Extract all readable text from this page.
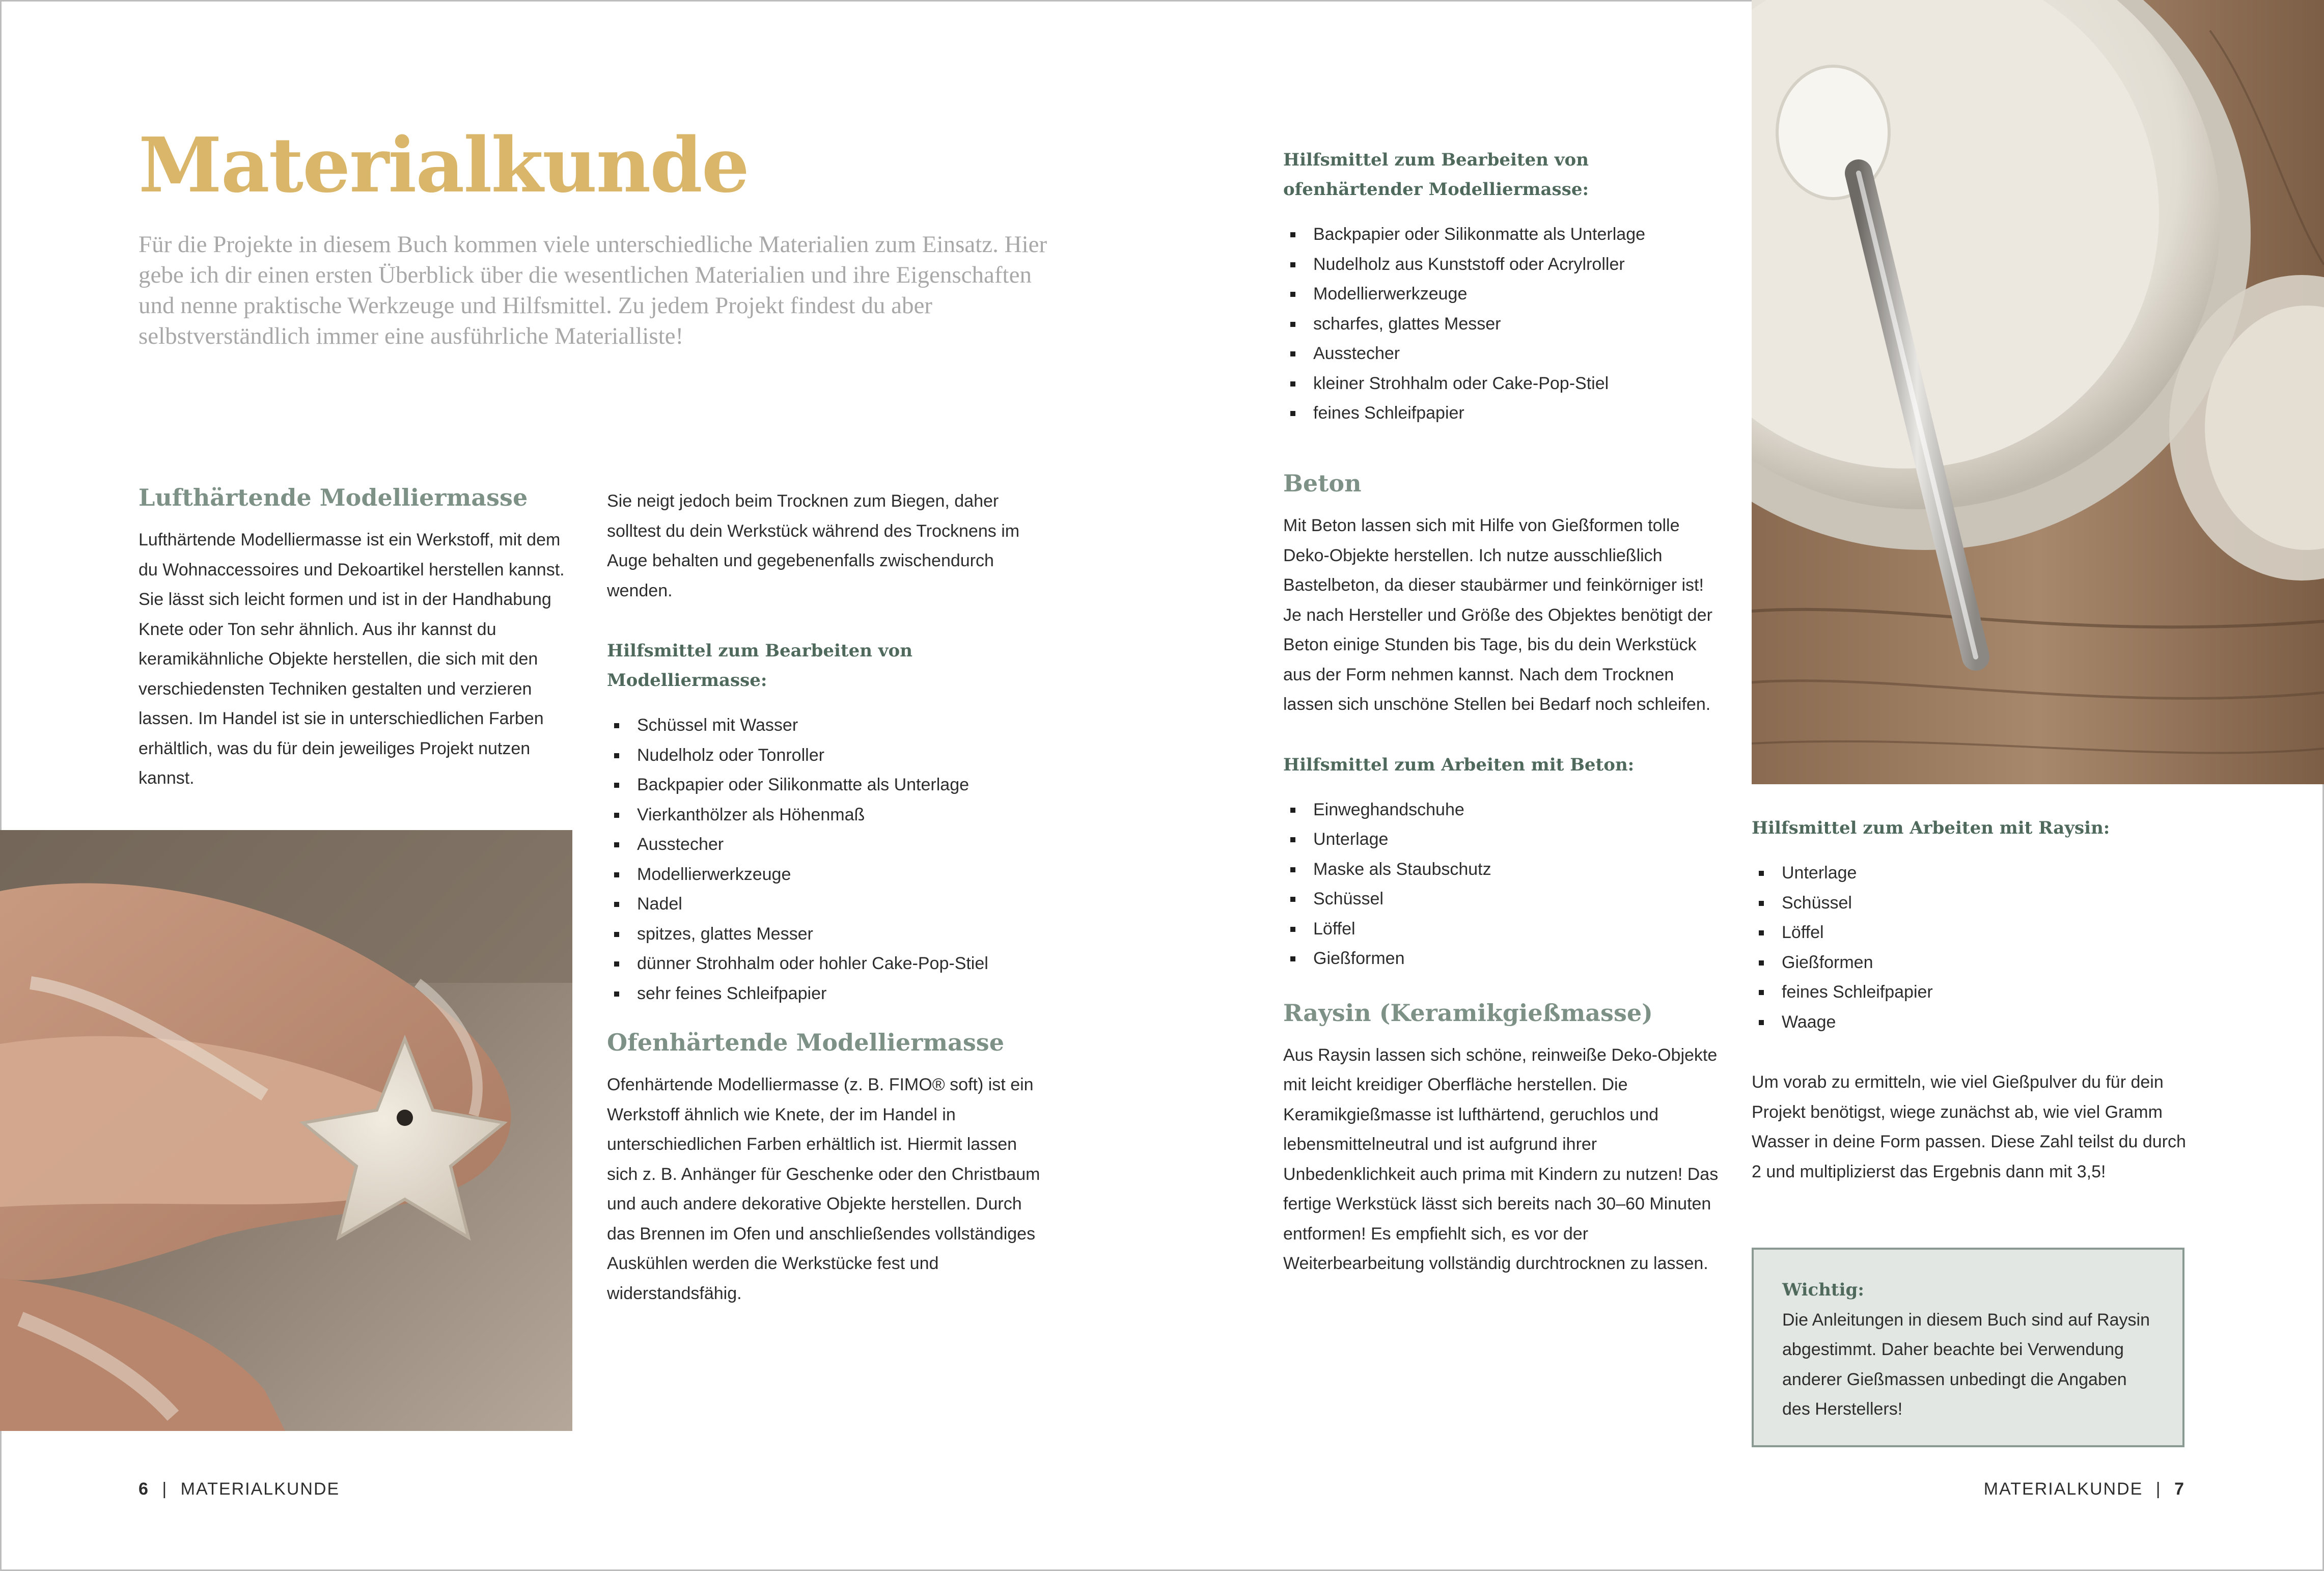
Materialkunde

Für die Projekte in diesem Buch kommen viele unterschiedliche Materialien zum Einsatz. Hier gebe ich dir einen ersten Überblick über die wesentlichen Materialien und ihre Eigenschaften und nenne praktische Werkzeuge und Hilfsmittel. Zu jedem Projekt findest du aber selbstverständlich immer eine ausführliche Materialliste!

Lufthärtende Modelliermasse

Lufthärtende Modelliermasse ist ein Werkstoff, mit dem du Wohnaccessoires und Dekoartikel herstellen kannst. Sie lässt sich leicht formen und ist in der Handhabung Knete oder Ton sehr ähnlich. Aus ihr kannst du keramikähnliche Objekte herstellen, die sich mit den verschiedensten Techniken gestalten und verzieren lassen. Im Handel ist sie in unterschiedlichen Farben erhältlich, was du für dein jeweiliges Projekt nutzen kannst.

Sie neigt jedoch beim Trocknen zum Biegen, daher solltest du dein Werkstück während des Trocknens im Auge behalten und gegebenenfalls zwischendurch wenden.

Hilfsmittel zum Bearbeiten von Modelliermasse:
Schüssel mit Wasser
Nudelholz oder Tonroller
Backpapier oder Silikonmatte als Unterlage
Vierkanthölzer als Höhenmaß
Ausstecher
Modellierwerkzeuge
Nadel
spitzes, glattes Messer
dünner Strohhalm oder hohler Cake-Pop-Stiel
sehr feines Schleifpapier
Ofenhärtende Modelliermasse

Ofenhärtende Modelliermasse (z. B. FIMO® soft) ist ein Werkstoff ähnlich wie Knete, der im Handel in unterschiedlichen Farben erhältlich ist. Hiermit lassen sich z. B. Anhänger für Geschenke oder den Christbaum und auch andere dekorative Objekte herstellen. Durch das Brennen im Ofen und anschließendes vollständiges Auskühlen werden die Werkstücke fest und widerstandsfähig.

6 | MATERIALKUNDE
Hilfsmittel zum Bearbeiten von ofenhärtender Modelliermasse:
Backpapier oder Silikonmatte als Unterlage
Nudelholz aus Kunststoff oder Acrylroller
Modellierwerkzeuge
scharfes, glattes Messer
Ausstecher
kleiner Strohhalm oder Cake-Pop-Stiel
feines Schleifpapier
Beton

Mit Beton lassen sich mit Hilfe von Gießformen tolle Deko-Objekte herstellen. Ich nutze ausschließlich Bastelbeton, da dieser staubärmer und feinkörniger ist! Je nach Hersteller und Größe des Objektes benötigt der Beton einige Stunden bis Tage, bis du dein Werkstück aus der Form nehmen kannst. Nach dem Trocknen lassen sich unschöne Stellen bei Bedarf noch schleifen.

Hilfsmittel zum Arbeiten mit Beton:
Einweghandschuhe
Unterlage
Maske als Staubschutz
Schüssel
Löffel
Gießformen
Raysin (Keramikgießmasse)

Aus Raysin lassen sich schöne, reinweiße Deko-Objekte mit leicht kreidiger Oberfläche herstellen. Die Keramikgießmasse ist lufthärtend, geruchlos und lebensmittelneutral und ist aufgrund ihrer Unbedenklichkeit auch prima mit Kindern zu nutzen! Das fertige Werkstück lässt sich bereits nach 30–60 Minuten entformen! Es empfiehlt sich, es vor der Weiterbearbeitung vollständig durchtrocknen zu lassen.

Hilfsmittel zum Arbeiten mit Raysin:
Unterlage
Schüssel
Löffel
Gießformen
feines Schleifpapier
Waage

Um vorab zu ermitteln, wie viel Gießpulver du für dein Projekt benötigst, wiege zunächst ab, wie viel Gramm Wasser in deine Form passen. Diese Zahl teilst du durch 2 und multiplizierst das Ergebnis dann mit 3,5!

Wichtig:

Die Anleitungen in diesem Buch sind auf Raysin abgestimmt. Daher beachte bei Verwendung anderer Gießmassen unbedingt die Angaben des Herstellers!

MATERIALKUNDE | 7
